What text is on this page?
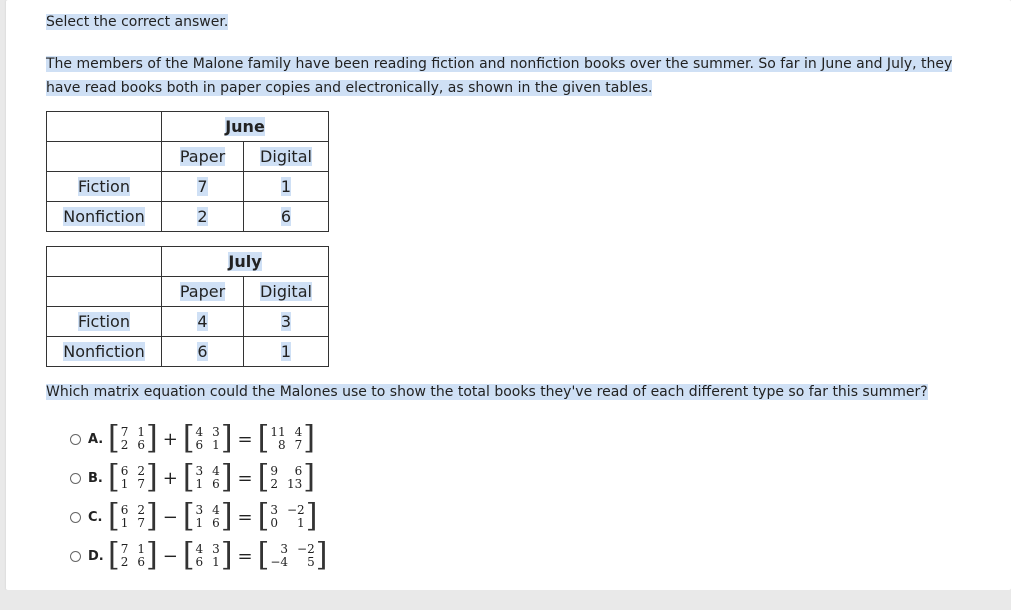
Select the correct answer.
The members of the Malone family have been reading fiction and nonfiction books over the summer. So far in June and July, they have read books both in paper copies and electronically, as shown in the given tables.
	June
	Paper	Digital
Fiction	7	1
Nonfiction	2	6
	July	
	Paper	Digital
Fiction	4	3
Nonfiction	6	1
Which matrix equation could the Malones use to show the total books they've read of each different type so far this summer?
A. [ 7 1
2 6 ] + [ 4 3
6 1 ] = [ 11 4
8 7 ]
B. [ 6 2
1 7 ] + [ 3 4
1 6 ] = [ 9	6
2 13 ]
C. [ 6 2
1 7 ] − [ 3 4
1 6 ] = [ 3 −2
0	1 ]
D. [ 7 1
2 6 ] − [ 4 3
6 1 ] = [ 3 −2
−4	5 ]
